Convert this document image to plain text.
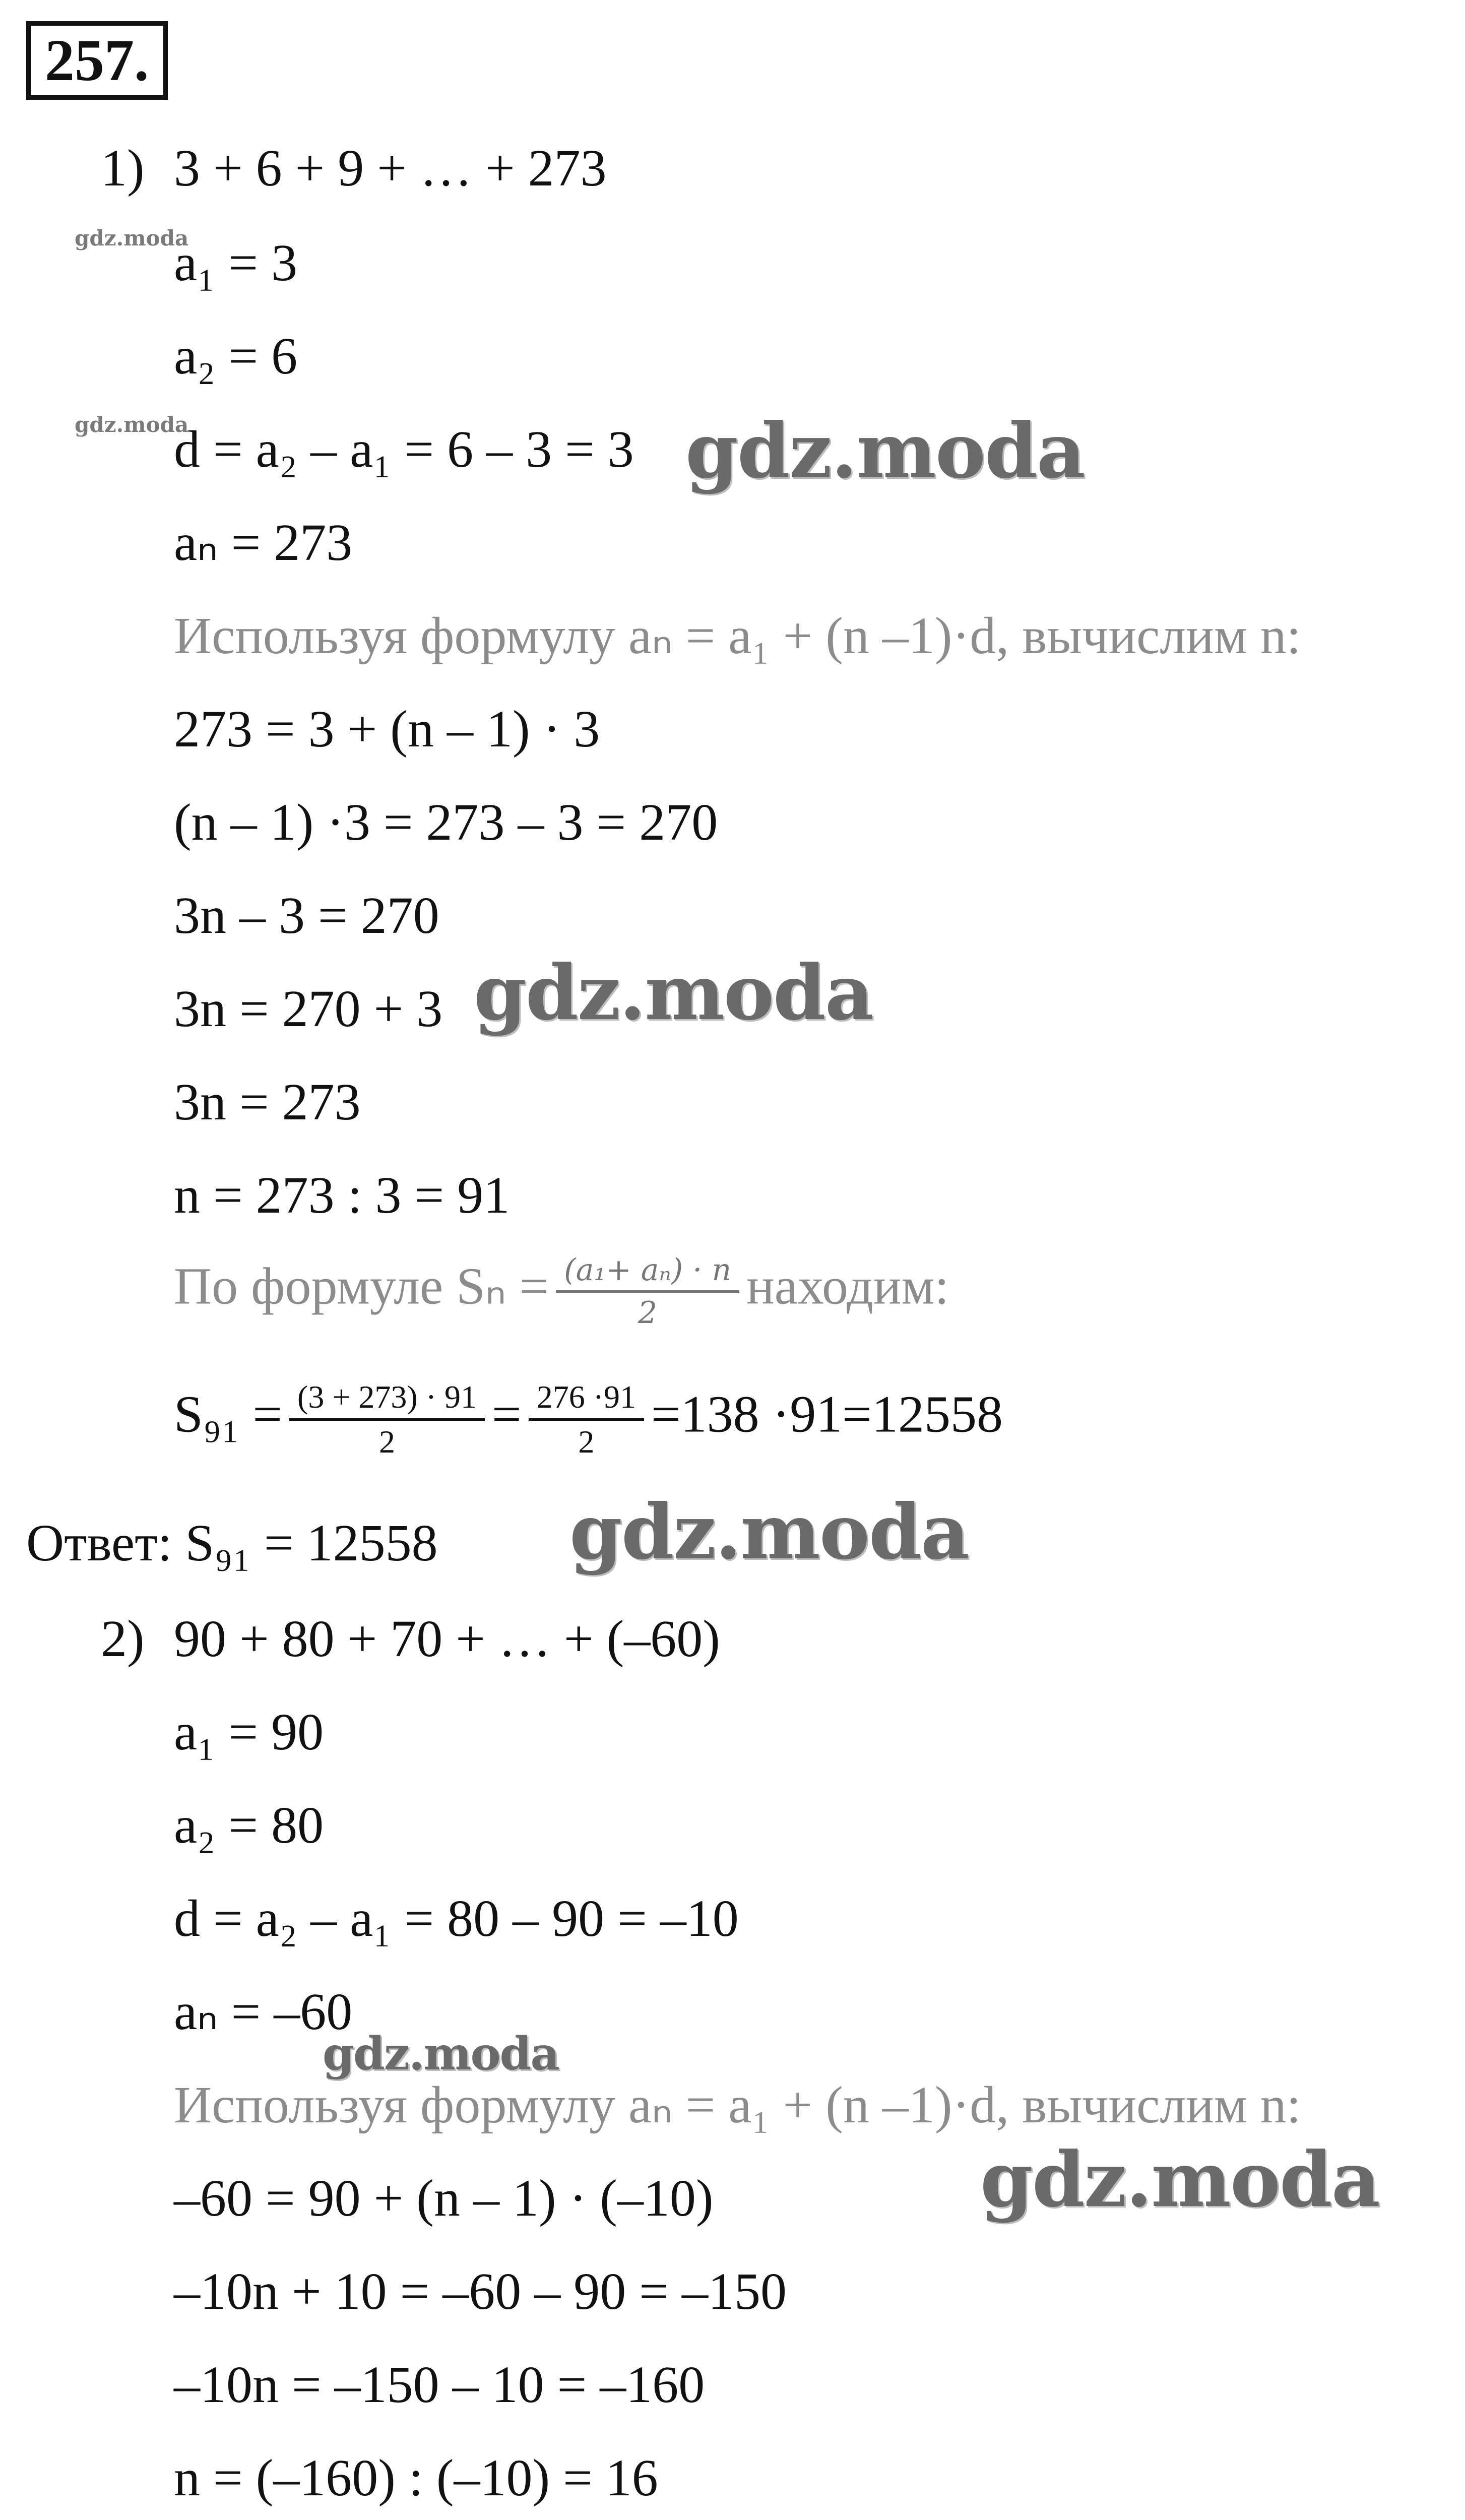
257.
1) 3 + 6 + 9 + … + 273
a₁ = 3
a₂ = 6
d = a₂ – a₁ = 6 – 3 = 3
aₙ = 273
Используя формулу aₙ = a₁ + (n –1)·d, вычислим n:
273 = 3 + (n – 1) · 3
(n – 1) ·3 = 273 – 3 = 270
3n – 3 = 270
3n = 270 + 3
3n = 273
n = 273 : 3 = 91
По формуле $S_n = \frac{\text{(a₁+ aₙ) · n}}{2}$ находим:
$S_{91} = \frac{(3 + 273) \cdot 91}{2} = \frac{276 \cdot 91}{2} =138 \cdot 91=12558$
Ответ: S₉₁ = 12558
2) 90 + 80 + 70 + … + (–60)
a₁ = 90
a₂ = 80
d = a₂ – a₁ = 80 – 90 = –10
aₙ = –60
Используя формулу aₙ = a₁ + (n –1)·d, вычислим n:
–60 = 90 + (n – 1) · (–10)
–10n + 10 = –60 – 90 = –150
–10n = –150 – 10 = –160
n = (–160) : (–10) = 16
gdz.moda
gdz.moda	gdz.moda
gdz.moda
gdz.moda
gdz.moda
gdz.moda
